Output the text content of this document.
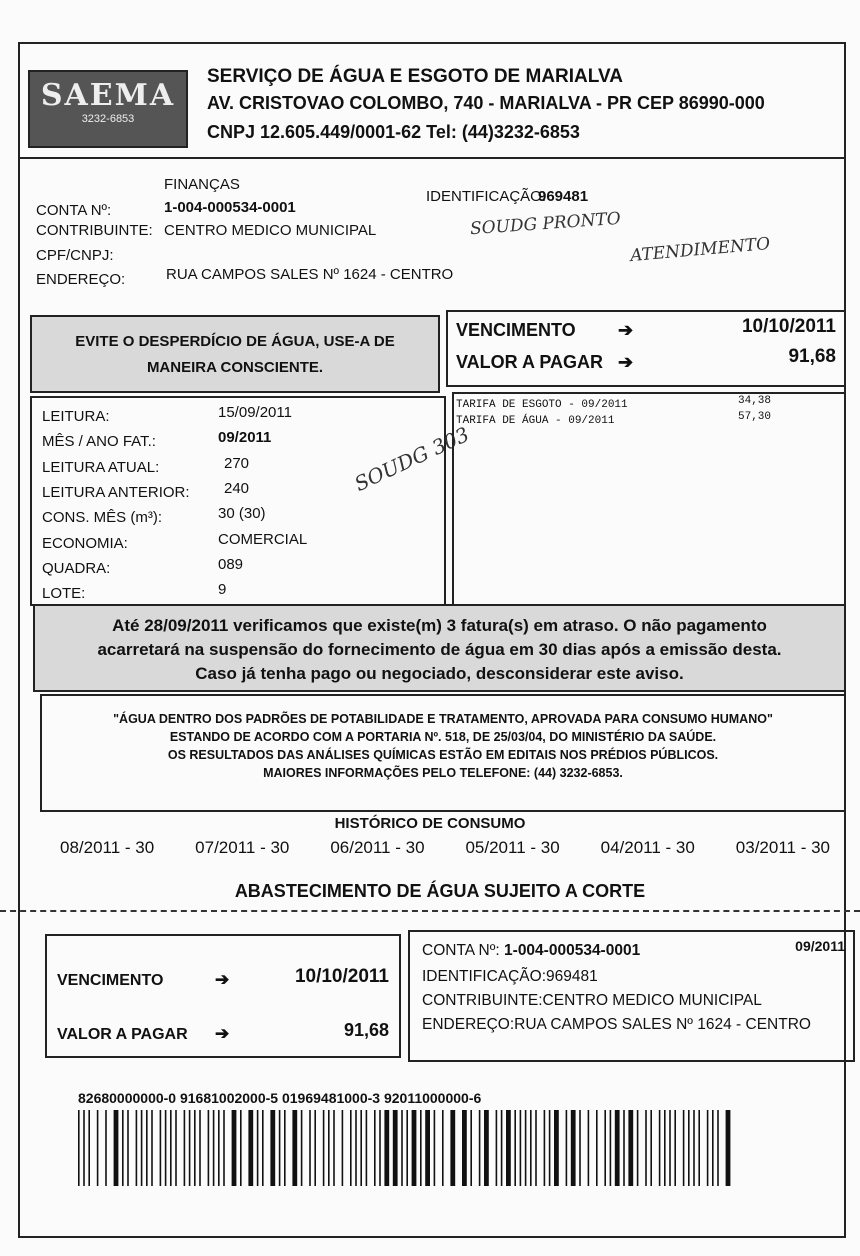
SAEMA
3232-6853
SERVIÇO DE ÁGUA E ESGOTO DE MARIALVA
AV. CRISTOVAO COLOMBO, 740 - MARIALVA - PR CEP 86990-000
CNPJ 12.605.449/0001-62 Tel: (44)3232-6853
FINANÇAS
CONTA Nº:	1-004-000534-0001
IDENTIFICAÇÃO:
969481
CONTRIBUINTE: CENTRO MEDICO MUNICIPAL
CPF/CNPJ:
ENDEREÇO:	RUA CAMPOS SALES Nº 1624 - CENTRO
SOUDG PRONTO
ATENDIMENTO
EVITE O DESPERDÍCIO DE ÁGUA, USE-A DE MANEIRA CONSCIENTE.
VENCIMENTO ➔	10/10/2011
VALOR A PAGAR ➔	91,68
LEITURA:	15/09/2011
MÊS / ANO FAT.:	09/2011
LEITURA ATUAL:	270
LEITURA ANTERIOR: 240
CONS. MÊS (m³):	30 (30)
ECONOMIA:	COMERCIAL
QUADRA:	089
LOTE:	9
SOUDG 303
TARIFA DE ESGOTO - 09/2011	34,38
TARIFA DE ÁGUA - 09/2011	57,30
Até 28/09/2011 verificamos que existe(m) 3 fatura(s) em atraso. O não pagamento
acarretará na suspensão do fornecimento de água em 30 dias após a emissão desta.
Caso já tenha pago ou negociado, desconsiderar este aviso.
"ÁGUA DENTRO DOS PADRÕES DE POTABILIDADE E TRATAMENTO, APROVADA PARA CONSUMO HUMANO"
ESTANDO DE ACORDO COM A PORTARIA Nº. 518, DE 25/03/04, DO MINISTÉRIO DA SAÚDE.
OS RESULTADOS DAS ANÁLISES QUÍMICAS ESTÃO EM EDITAIS NOS PRÉDIOS PÚBLICOS.
MAIORES INFORMAÇÕES PELO TELEFONE: (44) 3232-6853.
HISTÓRICO DE CONSUMO
08/2011 - 30 07/2011 - 30 06/2011 - 30 05/2011 - 30 04/2011 - 30 03/2011 - 30
ABASTECIMENTO DE ÁGUA SUJEITO A CORTE
VENCIMENTO	➔	10/10/2011
VALOR A PAGAR ➔	91,68
CONTA Nº: 1-004-000534-0001	09/2011
IDENTIFICAÇÃO:969481
CONTRIBUINTE:CENTRO MEDICO MUNICIPAL
ENDEREÇO:RUA CAMPOS SALES Nº 1624 - CENTRO
82680000000-0 91681002000-5 01969481000-3 92011000000-6
